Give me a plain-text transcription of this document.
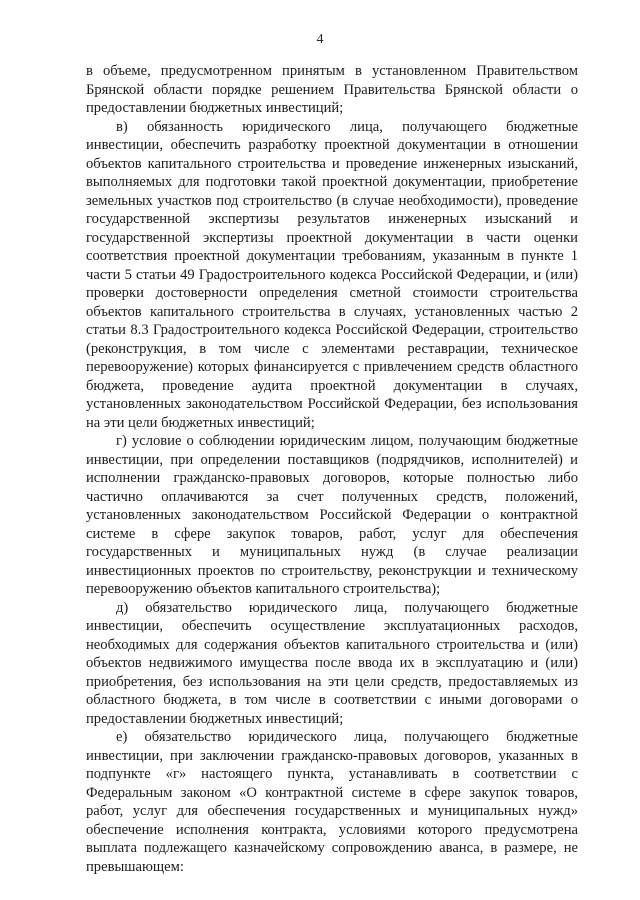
4

в объеме, предусмотренном принятым в установленном Правительством Брянской области порядке решением Правительства Брянской области о предоставлении бюджетных инвестиций;

в) обязанность юридического лица, получающего бюджетные инвестиции, обеспечить разработку проектной документации в отношении объектов капитального строительства и проведение инженерных изысканий, выполняемых для подготовки такой проектной документации, приобретение земельных участков под строительство (в случае необходимости), проведение государственной экспертизы результатов инженерных изысканий и государственной экспертизы проектной документации в части оценки соответствия проектной документации требованиям, указанным в пункте 1 части 5 статьи 49 Градостроительного кодекса Российской Федерации, и (или) проверки достоверности определения сметной стоимости строительства объектов капитального строительства в случаях, установленных частью 2 статьи 8.3 Градостроительного кодекса Российской Федерации, строительство (реконструкция, в том числе с элементами реставрации, техническое перевооружение) которых финансируется с привлечением средств областного бюджета, проведение аудита проектной документации в случаях, установленных законодательством Российской Федерации, без использования на эти цели бюджетных инвестиций;

г) условие о соблюдении юридическим лицом, получающим бюджетные инвестиции, при определении поставщиков (подрядчиков, исполнителей) и исполнении гражданско-правовых договоров, которые полностью либо частично оплачиваются за счет полученных средств, положений, установленных законодательством Российской Федерации о контрактной системе в сфере закупок товаров, работ, услуг для обеспечения государственных и муниципальных нужд (в случае реализации инвестиционных проектов по строительству, реконструкции и техническому перевооружению объектов капитального строительства);

д) обязательство юридического лица, получающего бюджетные инвестиции, обеспечить осуществление эксплуатационных расходов, необходимых для содержания объектов капитального строительства и (или) объектов недвижимого имущества после ввода их в эксплуатацию и (или) приобретения, без использования на эти цели средств, предоставляемых из областного бюджета, в том числе в соответствии с иными договорами о предоставлении бюджетных инвестиций;

е) обязательство юридического лица, получающего бюджетные инвестиции, при заключении гражданско-правовых договоров, указанных в подпункте «г» настоящего пункта, устанавливать в соответствии с Федеральным законом «О контрактной системе в сфере закупок товаров, работ, услуг для обеспечения государственных и муниципальных нужд» обеспечение исполнения контракта, условиями которого предусмотрена выплата подлежащего казначейскому сопровождению аванса, в размере, не превышающем:
